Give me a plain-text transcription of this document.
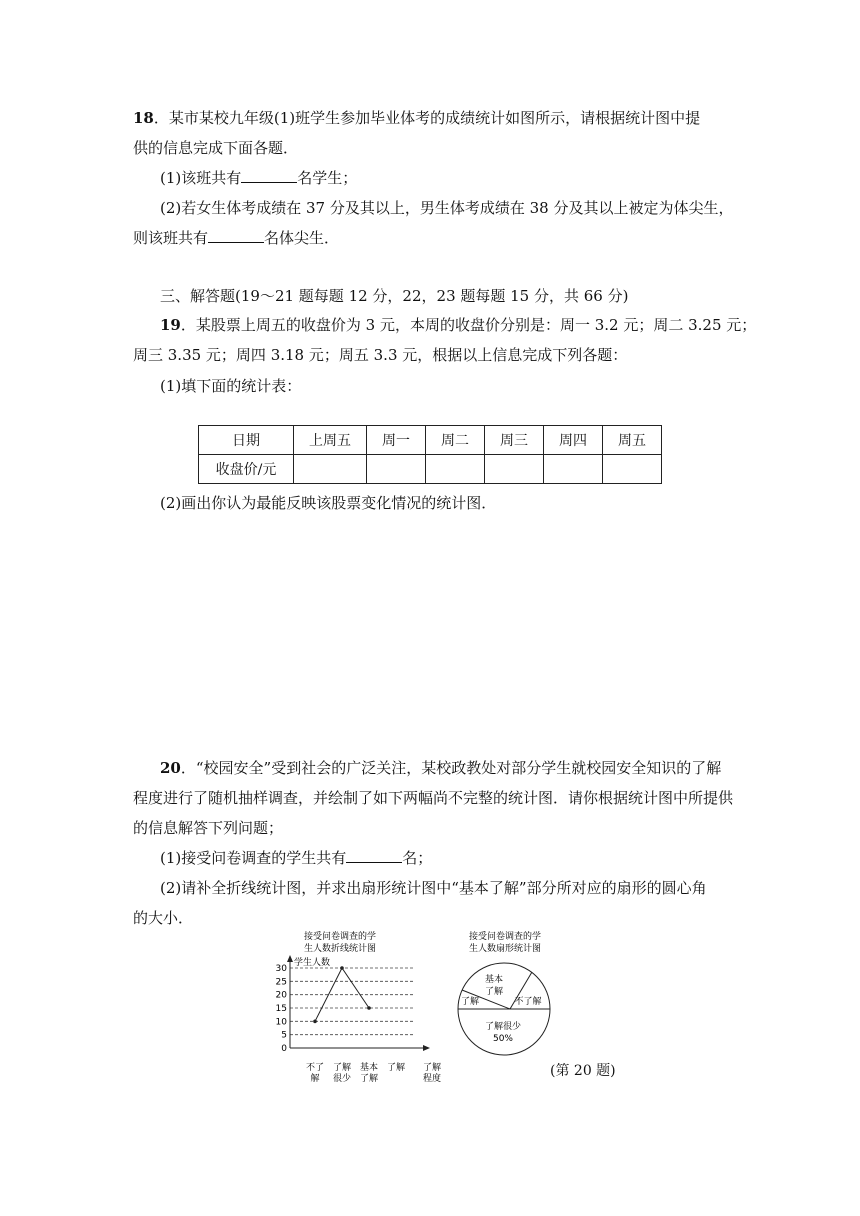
18．某市某校九年级(1)班学生参加毕业体考的成绩统计如图所示，请根据统计图中提
供的信息完成下面各题．
(1)该班共有	名学生；
(2)若女生体考成绩在 37 分及其以上，男生体考成绩在 38 分及其以上被定为体尖生，
则该班共有	名体尖生．
三、解答题(19～21 题每题 12 分，22，23 题每题 15 分，共 66 分)
19．某股票上周五的收盘价为 3 元，本周的收盘价分别是：周一 3.2 元；周二 3.25 元；
周三 3.35 元；周四 3.18 元；周五 3.3 元，根据以上信息完成下列各题：
(1)填下面的统计表：
日期	上周五	周一	周二	周三	周四	周五
收盘价/元						
(2)画出你认为最能反映该股票变化情况的统计图．
20．“校园安全”受到社会的广泛关注，某校政教处对部分学生就校园安全知识的了解
程度进行了随机抽样调查，并绘制了如下两幅尚不完整的统计图．请你根据统计图中所提供
的信息解答下列问题；
(1)接受问卷调查的学生共有	名；
(2)请补全折线统计图，并求出扇形统计图中“基本了解”部分所对应的扇形的圆心角
的大小．
接受问卷调查的学
生人数折线统计图
学生人数
0
5
10
15
20
25
30
不了
解
了解
很少
基本
了解
了解 了解
程度
接受问卷调查的学
生人数扇形统计图
基本
了解
了解	不了解
了解很少
50%
(第 20 题)
